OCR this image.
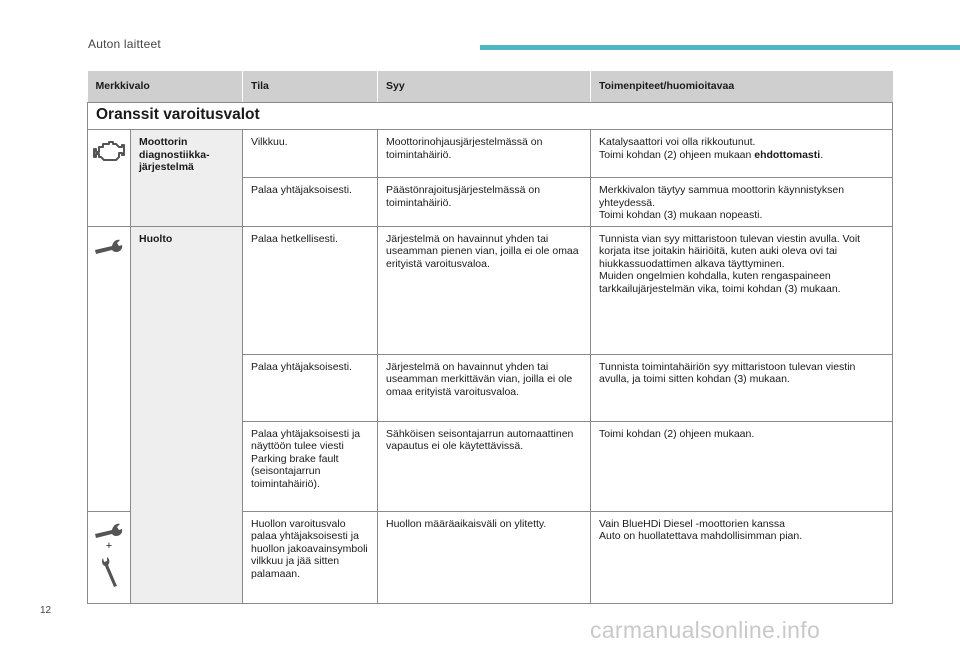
Auton laitteet
Merkkivalo		Tila	Syy	Toimenpiteet/huomioitavaa
Oranssit varoitusvalot				

	Moottorin diagnostiikka-järjestelmä	Vilkkuu.	Moottorinohjausjärjestelmässä on toimintahäiriö.	Katalysaattori voi olla rikkoutunut.
Toimi kohdan (2) ohjeen mukaan ehdottomasti.

		Palaa yhtäjaksoisesti.	Päästönrajoitusjärjestelmässä on toimintahäiriö.	Merkkivalon täytyy sammua moottorin käynnistyksen yhteydessä.
Toimi kohdan (3) mukaan nopeasti.

	Huolto	Palaa hetkellisesti.	Järjestelmä on havainnut yhden tai useamman pienen vian, joilla ei ole omaa erityistä varoitusvaloa.	Tunnista vian syy mittaristoon tulevan viestin avulla. Voit korjata itse joitakin häiriöitä, kuten auki oleva ovi tai hiukkassuodattimen alkava täyttyminen.
Muiden ongelmien kohdalla, kuten rengaspaineen tarkkailujärjestelmän vika, toimi kohdan (3) mukaan.

		Palaa yhtäjaksoisesti.	Järjestelmä on havainnut yhden tai useamman merkittävän vian, joilla ei ole omaa erityistä varoitusvaloa.	Tunnista toimintahäiriön syy mittaristoon tulevan viestin avulla, ja toimi sitten kohdan (3) mukaan.
		Palaa yhtäjaksoisesti ja näyttöön tulee viesti Parking brake fault (seisontajarrun toimintahäiriö).	Sähköisen seisontajarrun automaattinen vapautus ei ole käytettävissä.	Toimi kohdan (2) ohjeen mukaan.

+		Huollon varoitusvalo palaa yhtäjaksoisesti ja huollon jakoavainsymboli vilkkuu ja jää sitten palamaan.	Huollon määräaikaisväli on ylitetty.	Vain BlueHDi Diesel -moottorien kanssa
Auto on huollatettava mahdollisimman pian.
12
carmanualsonline.info
